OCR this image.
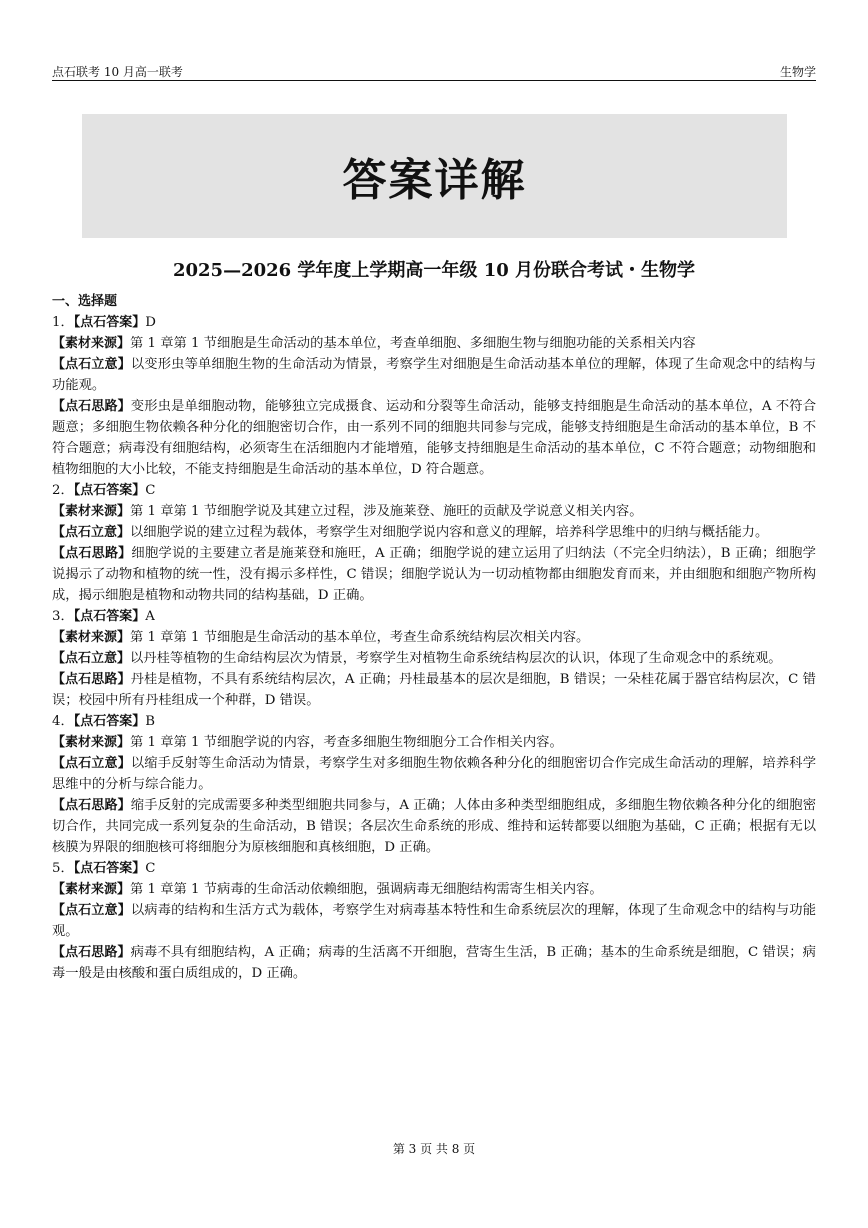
点石联考 10 月高一联考	生物学
答案详解
2025—2026 学年度上学期高一年级 10 月份联合考试・生物学
一、选择题
1．【点石答案】D
【素材来源】第 1 章第 1 节细胞是生命活动的基本单位，考查单细胞、多细胞生物与细胞功能的关系相关内容
【点石立意】以变形虫等单细胞生物的生命活动为情景，考察学生对细胞是生命活动基本单位的理解，体现了生命观念中的结构与功能观。
【点石思路】变形虫是单细胞动物，能够独立完成摄食、运动和分裂等生命活动，能够支持细胞是生命活动的基本单位，A 不符合题意；多细胞生物依赖各种分化的细胞密切合作，由一系列不同的细胞共同参与完成，能够支持细胞是生命活动的基本单位，B 不符合题意；病毒没有细胞结构，必须寄生在活细胞内才能增殖，能够支持细胞是生命活动的基本单位，C 不符合题意；动物细胞和植物细胞的大小比较，不能支持细胞是生命活动的基本单位，D 符合题意。
2．【点石答案】C
【素材来源】第 1 章第 1 节细胞学说及其建立过程，涉及施莱登、施旺的贡献及学说意义相关内容。
【点石立意】以细胞学说的建立过程为载体，考察学生对细胞学说内容和意义的理解，培养科学思维中的归纳与概括能力。
【点石思路】细胞学说的主要建立者是施莱登和施旺，A 正确；细胞学说的建立运用了归纳法（不完全归纳法），B 正确；细胞学说揭示了动物和植物的统一性，没有揭示多样性，C 错误；细胞学说认为一切动植物都由细胞发育而来，并由细胞和细胞产物所构成，揭示细胞是植物和动物共同的结构基础，D 正确。
3．【点石答案】A
【素材来源】第 1 章第 1 节细胞是生命活动的基本单位，考查生命系统结构层次相关内容。
【点石立意】以丹桂等植物的生命结构层次为情景，考察学生对植物生命系统结构层次的认识，体现了生命观念中的系统观。
【点石思路】丹桂是植物，不具有系统结构层次，A 正确；丹桂最基本的层次是细胞，B 错误；一朵桂花属于器官结构层次，C 错误；校园中所有丹桂组成一个种群，D 错误。
4．【点石答案】B
【素材来源】第 1 章第 1 节细胞学说的内容，考查多细胞生物细胞分工合作相关内容。
【点石立意】以缩手反射等生命活动为情景，考察学生对多细胞生物依赖各种分化的细胞密切合作完成生命活动的理解，培养科学思维中的分析与综合能力。
【点石思路】缩手反射的完成需要多种类型细胞共同参与，A 正确；人体由多种类型细胞组成，多细胞生物依赖各种分化的细胞密切合作，共同完成一系列复杂的生命活动，B 错误；各层次生命系统的形成、维持和运转都要以细胞为基础，C 正确；根据有无以核膜为界限的细胞核可将细胞分为原核细胞和真核细胞，D 正确。
5．【点石答案】C
【素材来源】第 1 章第 1 节病毒的生命活动依赖细胞，强调病毒无细胞结构需寄生相关内容。
【点石立意】以病毒的结构和生活方式为载体，考察学生对病毒基本特性和生命系统层次的理解，体现了生命观念中的结构与功能观。
【点石思路】病毒不具有细胞结构，A 正确；病毒的生活离不开细胞，营寄生生活，B 正确；基本的生命系统是细胞，C 错误；病毒一般是由核酸和蛋白质组成的，D 正确。
第 3 页 共 8 页
